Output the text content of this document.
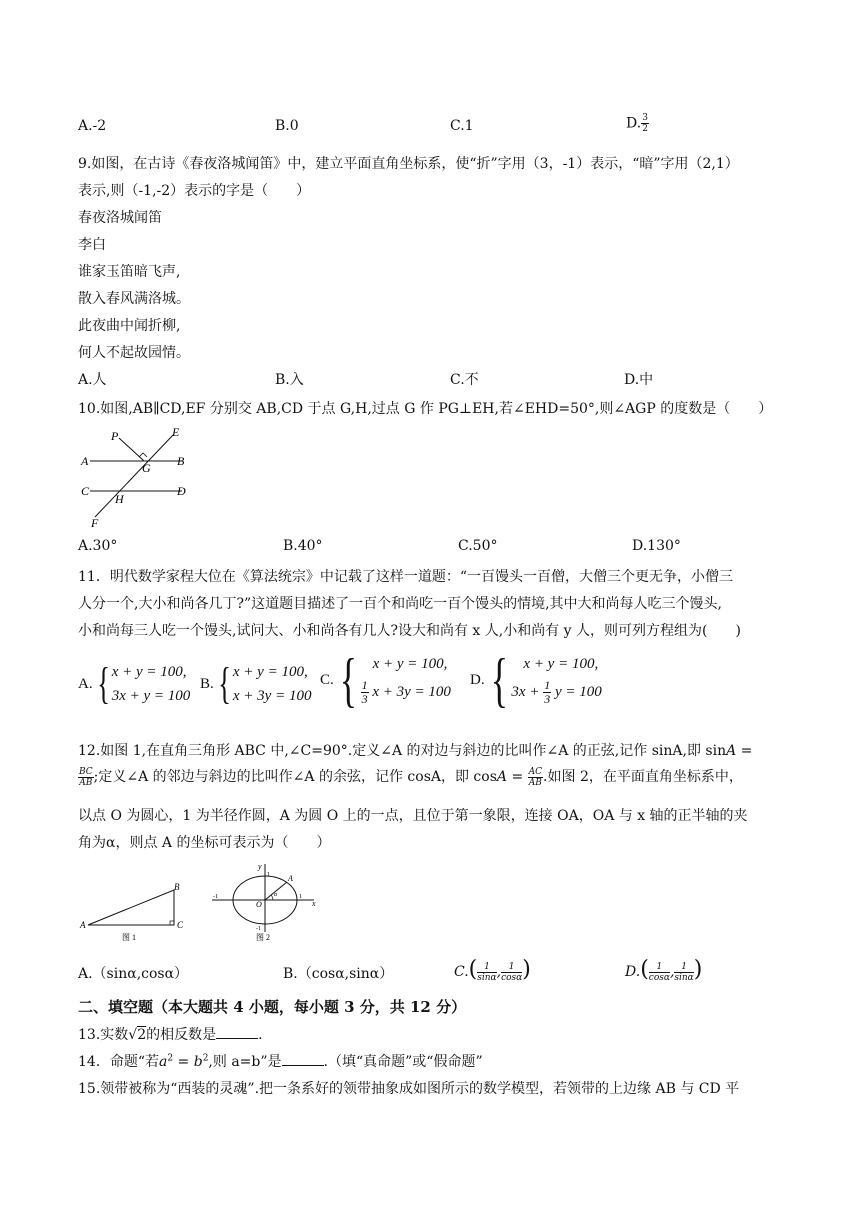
A.-2	B.0	C.1	D. $\frac{3}{2}$
9.如图，在古诗《春夜洛城闻笛》中，建立平面直角坐标系，使“折”字用（3，-1）表示，“暗”字用（2,1）
表示,则（-1,-2）表示的字是（　　）
春夜洛城闻笛
李白
谁家玉笛暗飞声,
散入春风满洛城。
此夜曲中闻折柳,
何人不起故园情。
A.人	B.入	C.不	D.中
10.如图,AB∥CD,EF 分别交 AB,CD 于点 G,H,过点 G 作 PG⊥EH,若∠EHD=50°,则∠AGP 的度数是（　　）
P	E
A	G B
C
H
D
F
A.30°	B.40°	C.50°	D.130°
11．明代数学家程大位在《算法统宗》中记载了这样一道题：“一百馒头一百僧，大僧三个更无争，小僧三
人分一个,大小和尚各几丁?”这道题目描述了一百个和尚吃一百个馒头的情境,其中大和尚每人吃三个馒头,
小和尚每三人吃一个馒头,试问大、小和尚各有几人?设大和尚有 x 人,小和尚有 y 人，则可列方程组为(　　)
A. { x + y = 100,
3x + y = 100
B. { x + y = 100,
x + 3y = 100
C. {	x + y = 100,
$\frac{1}{3}$ x + 3y = 100
D. {	x + y = 100,
$3x + \frac{1}{3}$ y = 100
12.如图 1,在直角三角形 ABC 中,∠C=90°.定义∠A 的对边与斜边的比叫作∠A 的正弦,记作 sinA,即 sinA =
$\frac{BC}{AB}$ ;定义∠A 的邻边与斜边的比叫作∠A 的余弦，记作 cosA，即 $\cos A = \frac{AC}{AB}$ .如图 2，在平面直角坐标系中，
以点 O 为圆心，1 为半径作圆，A 为圆 O 上的一点，且位于第一象限，连接 OA，OA 与 x 轴的正半轴的夹
角为α，则点 A 的坐标可表示为（　　）
A
B
C
图 1
y
x
O
A
α
1
-1	1
-1
图 2
A.（sinα,cosα）	B.（cosα,sinα）	$C.( \frac{1}{\sin\alpha}$ , $\frac{1}{\cos\alpha}$ )	$D.( \frac{1}{\cos\alpha}$ , $\frac{1}{\sin\alpha}$ )
二、填空题（本大题共 4 小题，每小题 3 分，共 12 分）
13.实数√2的相反数是	.
14．命题“若$a^2 = b^2$,则 a=b”是	.（填“真命题”或“假命题”
15.领带被称为“西装的灵魂”.把一条系好的领带抽象成如图所示的数学模型，若领带的上边缘 AB 与 CD 平
